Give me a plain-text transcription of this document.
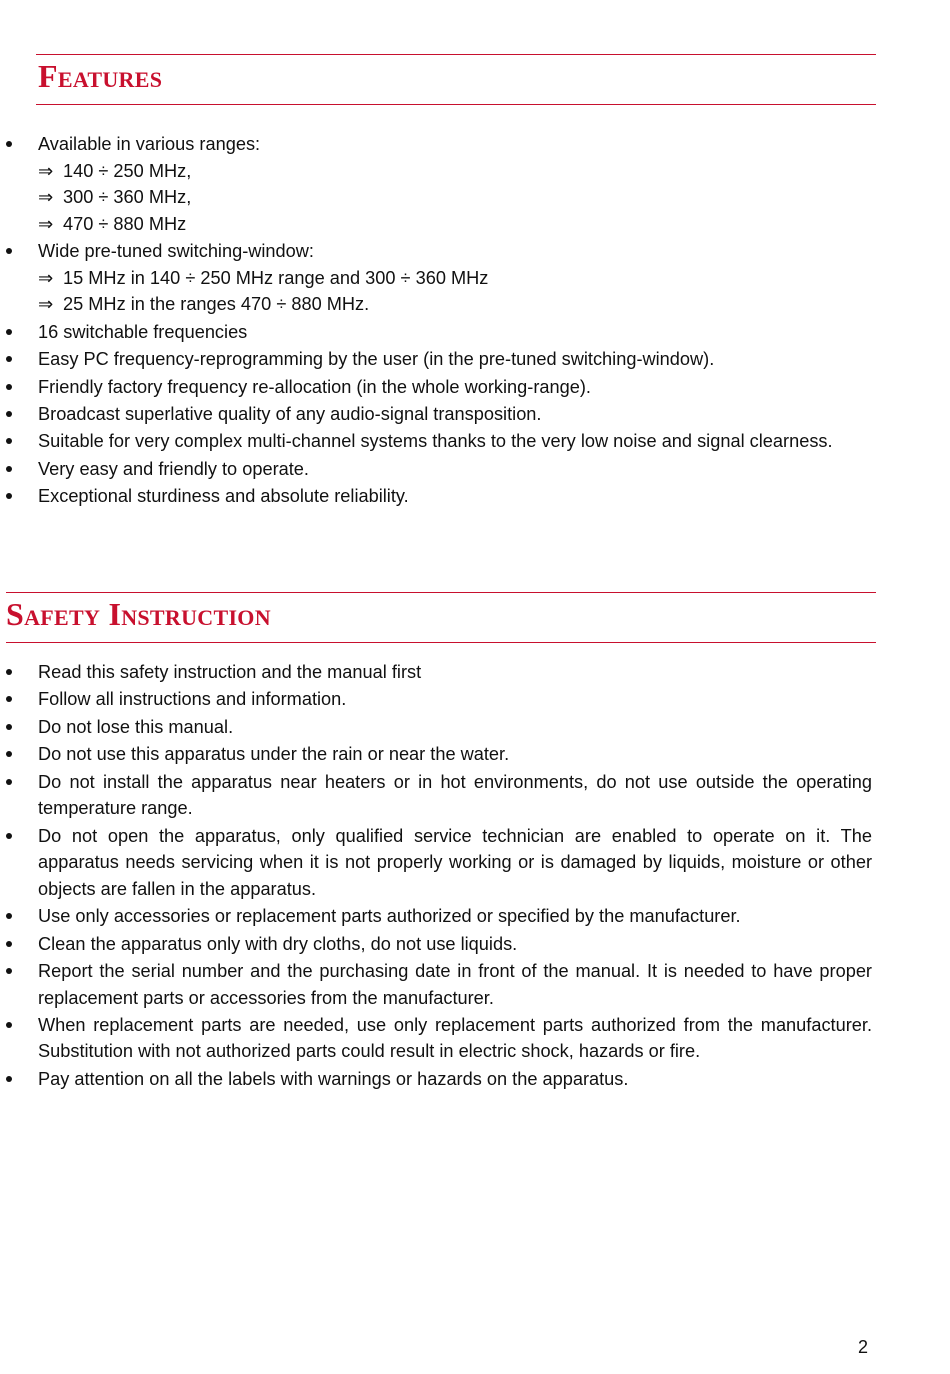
Features
Available in various ranges:
⇒ 140 ÷ 250 MHz,
⇒ 300 ÷ 360 MHz,
⇒ 470 ÷ 880 MHz
Wide pre-tuned switching-window:
⇒ 15 MHz in 140 ÷ 250 MHz range and 300 ÷ 360 MHz
⇒ 25 MHz in the ranges 470 ÷ 880 MHz.
16 switchable frequencies
Easy PC frequency-reprogramming by the user (in the pre-tuned switching-window).
Friendly factory frequency re-allocation (in the whole working-range).
Broadcast superlative quality of any audio-signal transposition.
Suitable for very complex multi-channel systems thanks to the very low noise and signal clearness.
Very easy and friendly to operate.
Exceptional sturdiness and absolute reliability.
Safety Instruction
Read this safety instruction and the manual first
Follow all instructions and information.
Do not lose this manual.
Do not use this apparatus under the rain or near the water.
Do not install the apparatus near heaters or in hot environments, do not use outside the operating temperature range.
Do not open the apparatus, only qualified service technician are enabled to operate on it. The apparatus needs servicing when it is not properly working or is damaged by liquids, moisture or other objects are fallen in the apparatus.
Use only accessories or replacement parts authorized or specified by the manufacturer.
Clean the apparatus only with dry cloths, do not use liquids.
Report the serial number and the purchasing date in front of the manual. It is needed to have proper replacement parts or accessories from the manufacturer.
When replacement parts are needed, use only replacement parts authorized from the manufacturer. Substitution with not authorized parts could result in electric shock, hazards or fire.
Pay attention on all the labels with warnings or hazards on the apparatus.
2
